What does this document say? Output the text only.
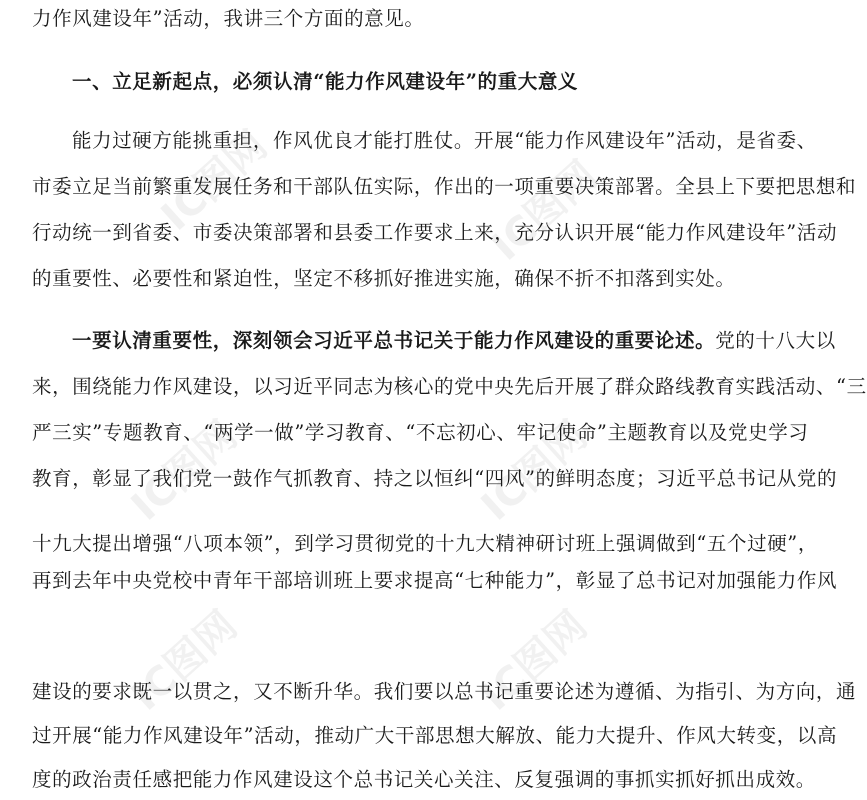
IC图网	IC图网
IC图网	IC图网
IC图网	IC图网
力作风建设年”活动，我讲三个方面的意见。
一、立足新起点，必须认清“能力作风建设年”的重大意义
能力过硬方能挑重担，作风优良才能打胜仗。开展“能力作风建设年”活动，是省委、
市委立足当前繁重发展任务和干部队伍实际，作出的一项重要决策部署。全县上下要把思想和
行动统一到省委、市委决策部署和县委工作要求上来，充分认识开展“能力作风建设年”活动
的重要性、必要性和紧迫性，坚定不移抓好推进实施，确保不折不扣落到实处。
一要认清重要性，深刻领会习近平总书记关于能力作风建设的重要论述。党的十八大以
来，围绕能力作风建设，以习近平同志为核心的党中央先后开展了群众路线教育实践活动、“三
严三实”专题教育、“两学一做”学习教育、“不忘初心、牢记使命”主题教育以及党史学习
教育，彰显了我们党一鼓作气抓教育、持之以恒纠“四风”的鲜明态度；习近平总书记从党的
十九大提出增强“八项本领”，到学习贯彻党的十九大精神研讨班上强调做到“五个过硬”，
再到去年中央党校中青年干部培训班上要求提高“七种能力”，彰显了总书记对加强能力作风
建设的要求既一以贯之，又不断升华。我们要以总书记重要论述为遵循、为指引、为方向，通
过开展“能力作风建设年”活动，推动广大干部思想大解放、能力大提升、作风大转变，以高
度的政治责任感把能力作风建设这个总书记关心关注、反复强调的事抓实抓好抓出成效。
